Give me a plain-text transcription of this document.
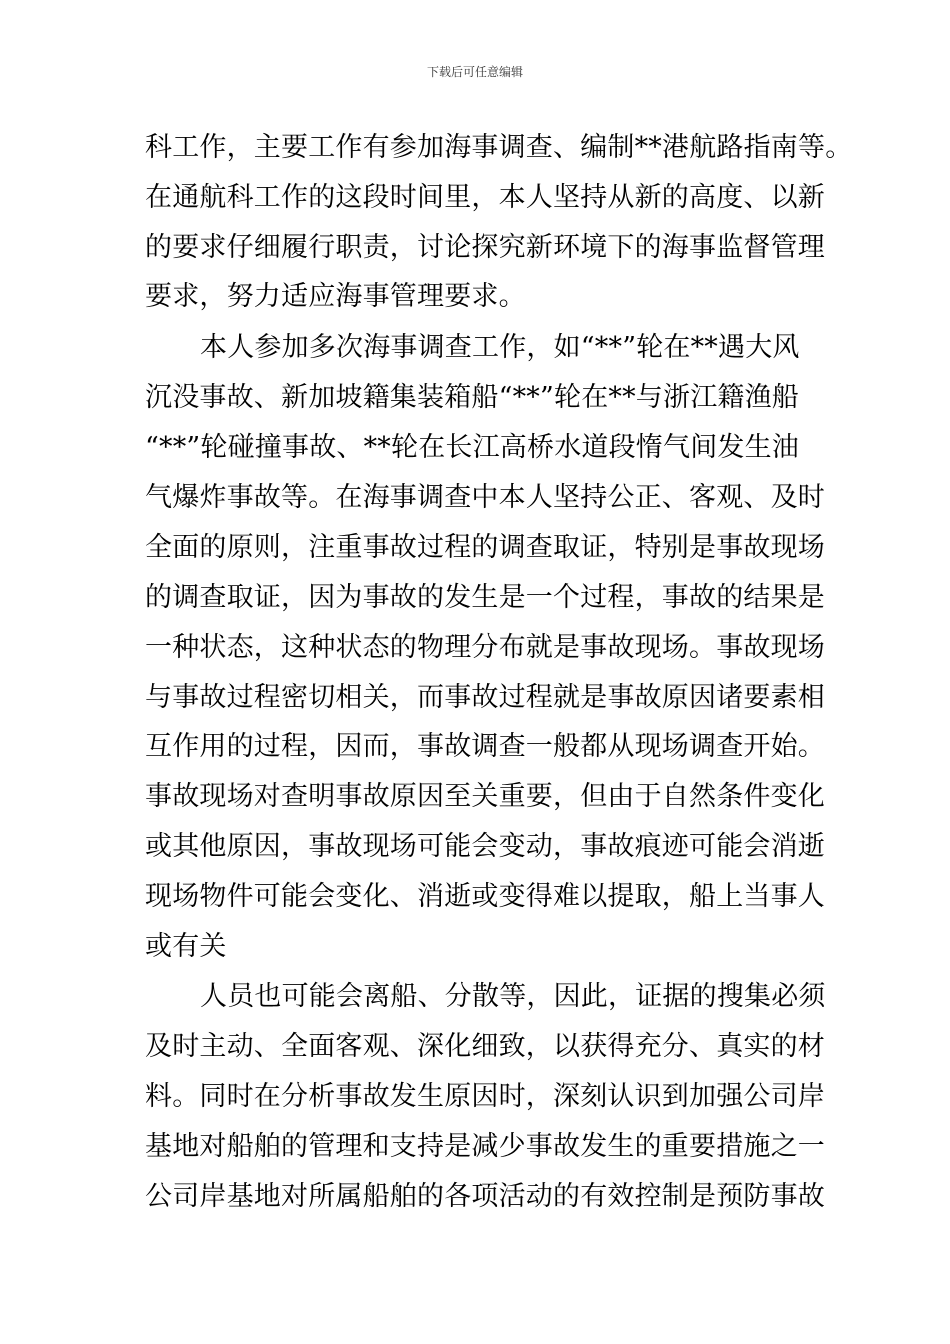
下载后可任意编辑
科工作，主要工作有参加海事调查、编制**港航路指南等。
在通航科工作的这段时间里，本人坚持从新的高度、以新
的要求仔细履行职责，讨论探究新环境下的海事监督管理
要求，努力适应海事管理要求。
本人参加多次海事调查工作，如“**”轮在**遇大风
沉没事故、新加坡籍集装箱船“**”轮在**与浙江籍渔船
“**”轮碰撞事故、**轮在长江高桥水道段惰气间发生油
气爆炸事故等。在海事调查中本人坚持公正、客观、及时
全面的原则，注重事故过程的调查取证，特别是事故现场
的调查取证，因为事故的发生是一个过程，事故的结果是
一种状态，这种状态的物理分布就是事故现场。事故现场
与事故过程密切相关，而事故过程就是事故原因诸要素相
互作用的过程，因而，事故调查一般都从现场调查开始。
事故现场对查明事故原因至关重要，但由于自然条件变化
或其他原因，事故现场可能会变动，事故痕迹可能会消逝
现场物件可能会变化、消逝或变得难以提取，船上当事人
或有关
人员也可能会离船、分散等，因此，证据的搜集必须
及时主动、全面客观、深化细致，以获得充分、真实的材
料。同时在分析事故发生原因时，深刻认识到加强公司岸
基地对船舶的管理和支持是减少事故发生的重要措施之一
公司岸基地对所属船舶的各项活动的有效控制是预防事故
